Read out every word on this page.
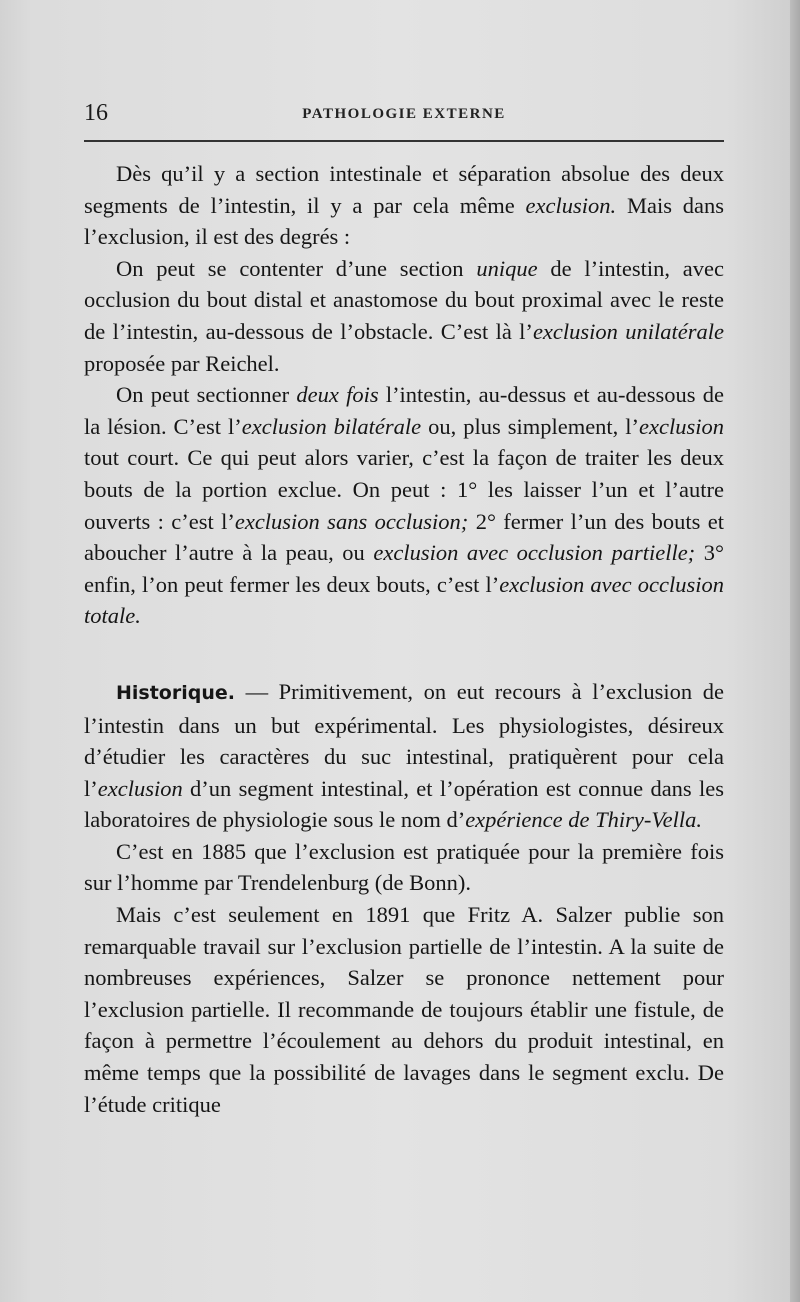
16	PATHOLOGIE EXTERNE

Dès qu’il y a section intestinale et séparation absolue des deux segments de l’intestin, il y a par cela même exclusion. Mais dans l’exclusion, il est des degrés :

On peut se contenter d’une section unique de l’intestin, avec occlusion du bout distal et anastomose du bout proximal avec le reste de l’intestin, au-dessous de l’obstacle. C’est là l’exclusion unilatérale proposée par Reichel.

On peut sectionner deux fois l’intestin, au-dessus et au-dessous de la lésion. C’est l’exclusion bilatérale ou, plus simplement, l’exclusion tout court. Ce qui peut alors varier, c’est la façon de traiter les deux bouts de la portion exclue. On peut : 1° les laisser l’un et l’autre ouverts : c’est l’exclusion sans occlusion; 2° fermer l’un des bouts et aboucher l’autre à la peau, ou exclusion avec occlusion partielle; 3° enfin, l’on peut fermer les deux bouts, c’est l’exclusion avec occlusion totale.

Historique. — Primitivement, on eut recours à l’exclusion de l’intestin dans un but expérimental. Les physiologistes, désireux d’étudier les caractères du suc intestinal, pratiquèrent pour cela l’exclusion d’un segment intestinal, et l’opération est connue dans les laboratoires de physiologie sous le nom d’expérience de Thiry-Vella.

C’est en 1885 que l’exclusion est pratiquée pour la première fois sur l’homme par Trendelenburg (de Bonn).

Mais c’est seulement en 1891 que Fritz A. Salzer publie son remarquable travail sur l’exclusion partielle de l’intestin. A la suite de nombreuses expériences, Salzer se prononce nettement pour l’exclusion partielle. Il recommande de toujours établir une fistule, de façon à permettre l’écoulement au dehors du produit intestinal, en même temps que la possibilité de lavages dans le segment exclu. De l’étude critique
